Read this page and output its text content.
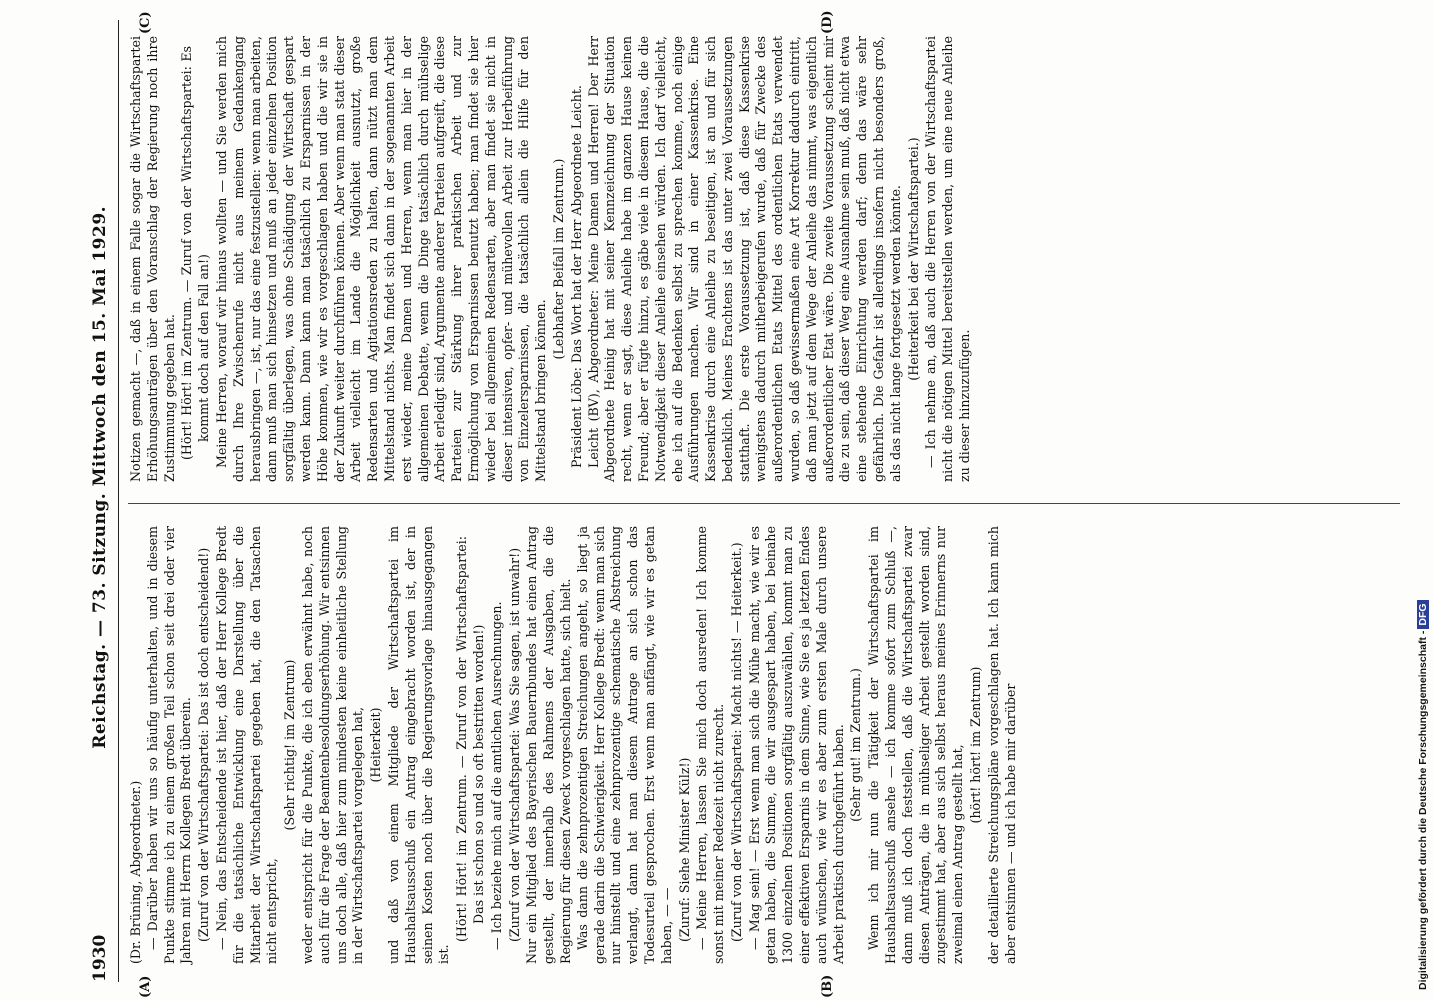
1930
Reichstag. — 73. Sitzung. Mittwoch den 15. Mai 1929.
(A)	(B)
(C)	(D)

(Dr. Brüning, Abgeordneter.) — Darüber haben wir uns so häufig unterhalten, und in diesem Punkte stimme ich zu einem großen Teil schon seit drei oder vier Jahren mit Herrn Kollegen Bredt überein. (Zuruf von der Wirtschaftspartei: Das ist doch entscheidend!) — Nein, das Entscheidende ist hier, daß der Herr Kollege Bredt für die tatsächliche Entwicklung eine Darstellung über die Mitarbeit der Wirtschaftspartei gegeben hat, die den Tatsachen nicht entspricht,

(Sehr richtig! im Zentrum) weder entspricht für die Punkte, die ich eben erwähnt habe, noch auch für die Frage der Beamtenbesoldungserhöhung. Wir entsinnen uns doch alle, daß hier zum mindesten keine einheitliche Stellung in der Wirtschaftspartei vorgelegen hat, (Heiterkeit) und daß von einem Mitgliede der Wirtschaftspartei im Haushaltsausschuß ein Antrag eingebracht worden ist, der in seinen Kosten noch über die Regierungsvorlage hinausgegangen ist.

(Hört! Hört! im Zentrum. — Zuruf von der Wirtschaftspartei: Das ist schon so und so oft bestritten worden!) — Ich beziehe mich auf die amtlichen Ausrechnungen. (Zuruf von der Wirtschaftspartei: Was Sie sagen, ist unwahr!) Nur ein Mitglied des Bayerischen Bauernbundes hat einen Antrag gestellt, der innerhalb des Rahmens der Ausgaben, die die Regierung für diesen Zweck vorgeschlagen hatte, sich hielt. Was dann die zehnprozentigen Streichungen angeht, so liegt ja gerade darin die Schwierigkeit. Herr Kollege Bredt: wenn man sich nur hinstellt und eine zehnprozentige schematische Abstreichung verlangt, dann hat man diesem Antrage an sich schon das Todesurteil gesprochen. Erst wenn man anfängt, wie wir es getan haben, — — (Zuruf: Siehe Minister Külz!) — Meine Herren, lassen Sie mich doch ausreden! Ich komme sonst mit meiner Redezeit nicht zurecht. (Zuruf von der Wirtschaftspartei: Macht nichts! — Heiterkeit.) — Mag sein! — Erst wenn man sich die Mühe macht, wie wir es getan haben, die Summe, die wir ausgespart haben, bei beinahe 1300 einzelnen Positionen sorgfältig auszuwählen, kommt man zu einer effektiven Ersparnis in dem Sinne, wie Sie es ja letzten Endes auch wünschen, wie wir es aber zum ersten Male durch unsere Arbeit praktisch durchgeführt haben. (Sehr gut! im Zentrum.) Wenn ich mir nun die Tätigkeit der Wirtschaftspartei im Haushaltsausschuß ansehe — ich komme sofort zum Schluß —, dann muß ich doch feststellen, daß die Wirtschaftspartei zwar diesen Anträgen, die in mühseliger Arbeit gestellt worden sind, zugestimmt hat, aber aus sich selbst heraus meines Erinnerns nur zweimal einen Antrag gestellt hat, (hört! hört! im Zentrum) der detaillierte Streichungspläne vorgeschlagen hat. Ich kann mich aber entsinnen — und ich habe mir darüber

Notizen gemacht —, daß in einem Falle sogar die Wirtschaftspartei Erhöhungsanträgen über den Voranschlag der Regierung noch ihre Zustimmung gegeben hat. (Hört! Hört! im Zentrum. — Zuruf von der Wirtschaftspartei: Es kommt doch auf den Fall an!) Meine Herren, worauf wir hinaus wollten — und Sie werden mich durch Ihre Zwischenrufe nicht aus meinem Gedankengang herausbringen —, ist, nur das eine festzustellen: wenn man arbeiten, dann muß man sich hinsetzen und muß an jeder einzelnen Position sorgfältig überlegen, was ohne Schädigung der Wirtschaft gespart werden kann. Dann kann man tatsächlich zu Ersparnissen in der Höhe kommen, wie wir es vorgeschlagen haben und die wir sie in der Zukunft weiter durchführen können. Aber wenn man statt dieser Arbeit vielleicht im Lande die Möglichkeit ausnutzt, große Redensarten und Agitationsreden zu halten, dann nützt man dem Mittelstand nichts. Man findet sich dann in der sogenannten Arbeit erst wieder, meine Damen und Herren, wenn man hier in der allgemeinen Debatte, wenn die Dinge tatsächlich durch mühselige Arbeit erledigt sind, Argumente anderer Parteien aufgreift, die diese Parteien zur Stärkung ihrer praktischen Arbeit und zur Ermöglichung von Ersparnissen benutzt haben; man findet sie hier wieder bei allgemeinen Redensarten, aber man findet sie nicht in dieser intensiven, opfer- und mühevollen Arbeit zur Herbeiführung von Einzelersparnissen, die tatsächlich allein die Hilfe für den Mittelstand bringen können.

(Lebhafter Beifall im Zentrum.) Präsident Löbe: Das Wort hat der Herr Abgeordnete Leicht. Leicht (BV), Abgeordneter: Meine Damen und Herren! Der Herr Abgeordnete Heinig hat mit seiner Kennzeichnung der Situation recht, wenn er sagt, diese Anleihe habe im ganzen Hause keinen Freund; aber er fügte hinzu, es gäbe viele in diesem Hause, die die Notwendigkeit dieser Anleihe einsehen würden. Ich darf vielleicht, ehe ich auf die Bedenken selbst zu sprechen komme, noch einige Ausführungen machen. Wir sind in einer Kassenkrise. Eine Kassenkrise durch eine Anleihe zu beseitigen, ist an und für sich bedenklich. Meines Erachtens ist das unter zwei Voraussetzungen statthaft. Die erste Voraussetzung ist, daß diese Kassenkrise wenigstens dadurch mitherbeigerufen wurde, daß für Zwecke des außerordentlichen Etats Mittel des ordentlichen Etats verwendet wurden, so daß gewissermaßen eine Art Korrektur dadurch eintritt, daß man jetzt auf dem Wege der Anleihe das nimmt, was eigentlich außerordentlicher Etat wäre. Die zweite Voraussetzung scheint mir die zu sein, daß dieser Weg eine Ausnahme sein muß, daß nicht etwa eine stehende Einrichtung werden darf; denn das wäre sehr gefährlich. Die Gefahr ist allerdings insofern nicht besonders groß, als das nicht lange fortgesetzt werden könnte. (Heiterkeit bei der Wirtschaftspartei.) — Ich nehme an, daß auch die Herren von der Wirtschaftspartei nicht die nötigen Mittel bereitstellen werden, um eine neue Anleihe zu dieser hinzuzufügen.

Digitalisierung gefördert durch die Deutsche Forschungsgemeinschaft -
DFG
